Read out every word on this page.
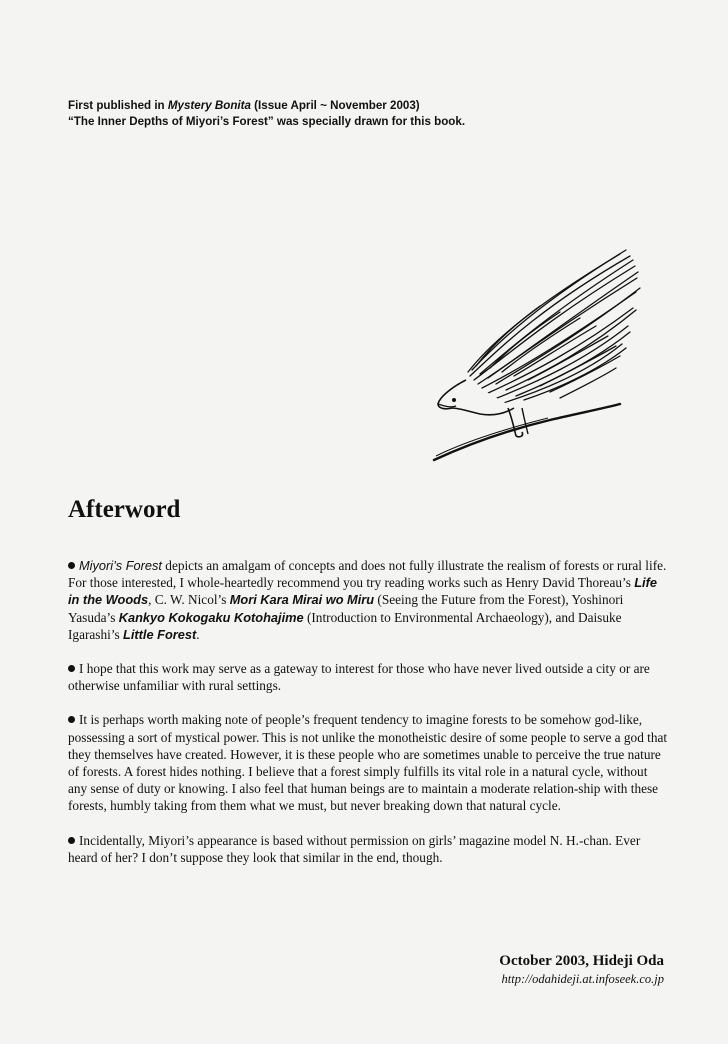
First published in Mystery Bonita (Issue April ~ November 2003)
“The Inner Depths of Miyori’s Forest” was specially drawn for this book.
Afterword

Miyori’s Forest depicts an amalgam of concepts and does not fully illustrate the realism of forests or rural life. For those interested, I whole-heartedly recommend you try reading works such as Henry David Thoreau’s Life in the Woods, C. W. Nicol’s Mori Kara Mirai wo Miru (Seeing the Future from the Forest), Yoshinori Yasuda’s Kankyo Kokogaku Kotohajime (Introduction to Environmental Archaeology), and Daisuke Igarashi’s Little Forest.

I hope that this work may serve as a gateway to interest for those who have never lived outside a city or are otherwise unfamiliar with rural settings.

It is perhaps worth making note of people’s frequent tendency to imagine forests to be somehow god-like, possessing a sort of mystical power. This is not unlike the monotheistic desire of some people to serve a god that they themselves have created. However, it is these people who are sometimes unable to perceive the true nature of forests. A forest hides nothing. I believe that a forest simply fulfills its vital role in a natural cycle, without any sense of duty or knowing. I also feel that human beings are to maintain a moderate relation-ship with these forests, humbly taking from them what we must, but never breaking down that natural cycle.

Incidentally, Miyori’s appearance is based without permission on girls’ magazine model N. H.-chan. Ever heard of her? I don’t suppose they look that similar in the end, though.

October 2003, Hideji Oda
http://odahideji.at.infoseek.co.jp
